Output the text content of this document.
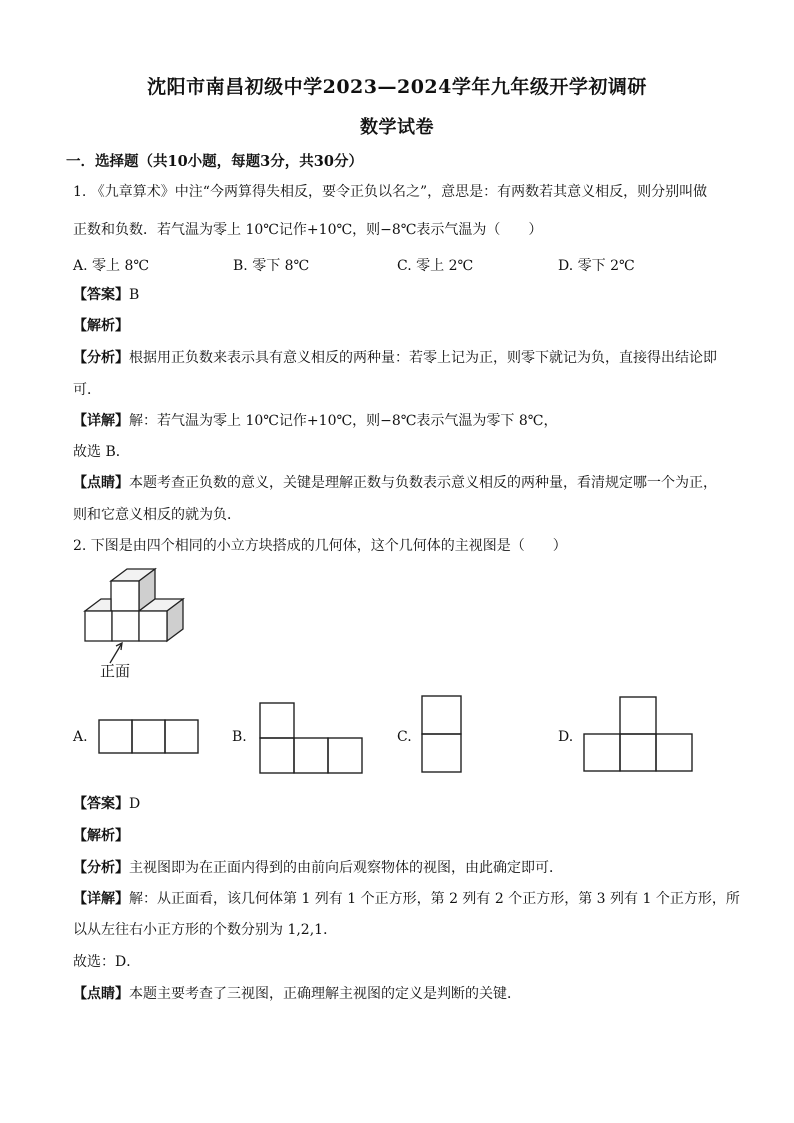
沈阳市南昌初级中学2023—2024学年九年级开学初调研
数学试卷
一．选择题（共10小题，每题3分，共30分）
1. 《九章算术》中注“今两算得失相反，要令正负以名之”，意思是：有两数若其意义相反，则分别叫做
正数和负数．若气温为零上 10℃记作+10℃，则−8℃表示气温为（　　）
A. 零上 8℃	B. 零下 8℃	C. 零上 2℃	D. 零下 2℃
【答案】B
【解析】
【分析】根据用正负数来表示具有意义相反的两种量：若零上记为正，则零下就记为负，直接得出结论即
可．
【详解】解：若气温为零上 10℃记作+10℃，则−8℃表示气温为零下 8℃，
故选 B．
【点睛】本题考查正负数的意义，关键是理解正数与负数表示意义相反的两种量，看清规定哪一个为正，
则和它意义相反的就为负．
2. 下图是由四个相同的小立方块搭成的几何体，这个几何体的主视图是（　　）
正面
A.	B.	C.	D.
【答案】D
【解析】
【分析】主视图即为在正面内得到的由前向后观察物体的视图，由此确定即可．
【详解】解：从正面看，该几何体第 1 列有 1 个正方形，第 2 列有 2 个正方形，第 3 列有 1 个正方形，所
以从左往右小正方形的个数分别为 1,2,1．
故选：D．
【点睛】本题主要考查了三视图，正确理解主视图的定义是判断的关键．
